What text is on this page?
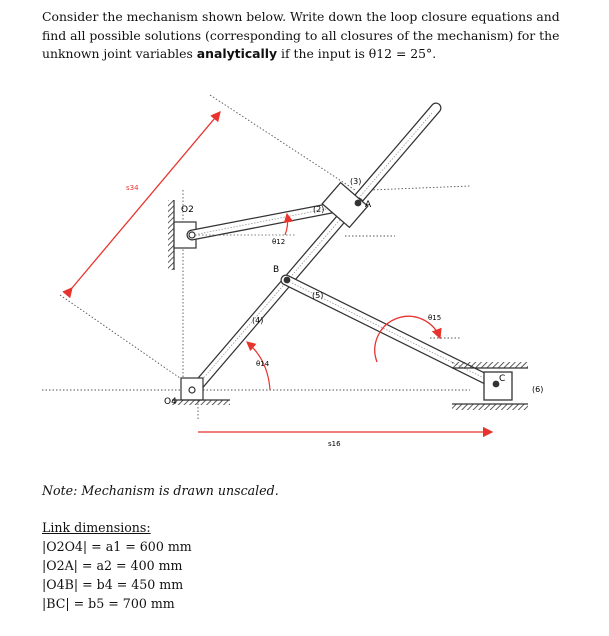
Consider the mechanism shown below. Write down the loop closure equations and find all possible solutions (corresponding to all closures of the mechanism) for the unknown joint variables analytically if the input is θ12 = 25°.
s34
O2	A
(3)
(2)
θ12
B
(5)
(4)
θ14
θ15
O4
C
(6)
s16
Note: Mechanism is drawn unscaled.
Link dimensions:
|O2O4| = a1 = 600 mm
|O2A| = a2 = 400 mm
|O4B| = b4 = 450 mm
|BC| = b5 = 700 mm
